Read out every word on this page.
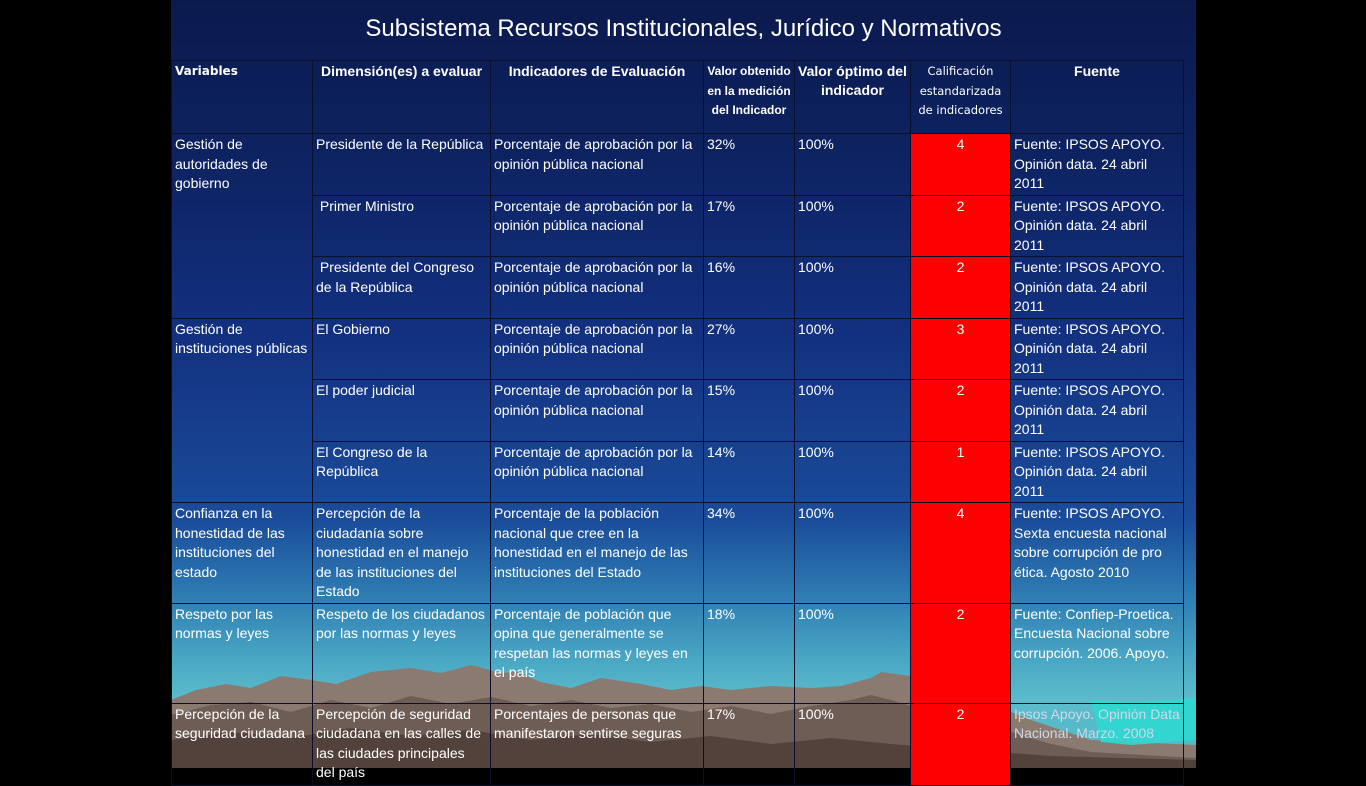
Subsistema Recursos Institucionales, Jurídico y Normativos
Variables	Dimensión(es) a evaluar	Indicadores de Evaluación	Valor obtenido en la medición del Indicador	Valor óptimo del indicador	Calificación estandarizada de indicadores	Fuente
Gestión de autoridades de gobierno	Presidente de la República	Porcentaje de aprobación por la opinión pública nacional	32%	100%	4	Fuente: IPSOS APOYO. Opinión data. 24 abril 2011
	Primer Ministro	Porcentaje de aprobación por la opinión pública nacional	17%	100%	2	Fuente: IPSOS APOYO. Opinión data. 24 abril 2011
	Presidente del Congreso de la República	Porcentaje de aprobación por la opinión pública nacional	16%	100%	2	Fuente: IPSOS APOYO. Opinión data. 24 abril 2011
Gestión de instituciones públicas	El Gobierno	Porcentaje de aprobación por la opinión pública nacional	27%	100%	3	Fuente: IPSOS APOYO. Opinión data. 24 abril 2011
	El poder judicial	Porcentaje de aprobación por la opinión pública nacional	15%	100%	2	Fuente: IPSOS APOYO. Opinión data. 24 abril 2011
	El Congreso de la República	Porcentaje de aprobación por la opinión pública nacional	14%	100%	1	Fuente: IPSOS APOYO. Opinión data. 24 abril 2011
Confianza en la honestidad de las instituciones del estado	Percepción de la ciudadanía sobre honestidad en el manejo de las instituciones del Estado	Porcentaje de la población nacional que cree en la honestidad en el manejo de las instituciones del Estado	34%	100%	4	Fuente: IPSOS APOYO. Sexta encuesta nacional sobre corrupción de pro ética. Agosto 2010
Respeto por las normas y leyes	Respeto de los ciudadanos por las normas y leyes	Porcentaje de población que opina que generalmente se respetan las normas y leyes en el país	18%	100%	2	Fuente: Confiep-Proetica. Encuesta Nacional sobre corrupción. 2006. Apoyo.
Percepción de la seguridad ciudadana	Percepción de seguridad ciudadana en las calles de las ciudades principales del país	Porcentajes de personas que manifestaron sentirse seguras	17%	100%	2	Ipsos Apoyo. Opinión Data Nacional. Marzo. 2008
